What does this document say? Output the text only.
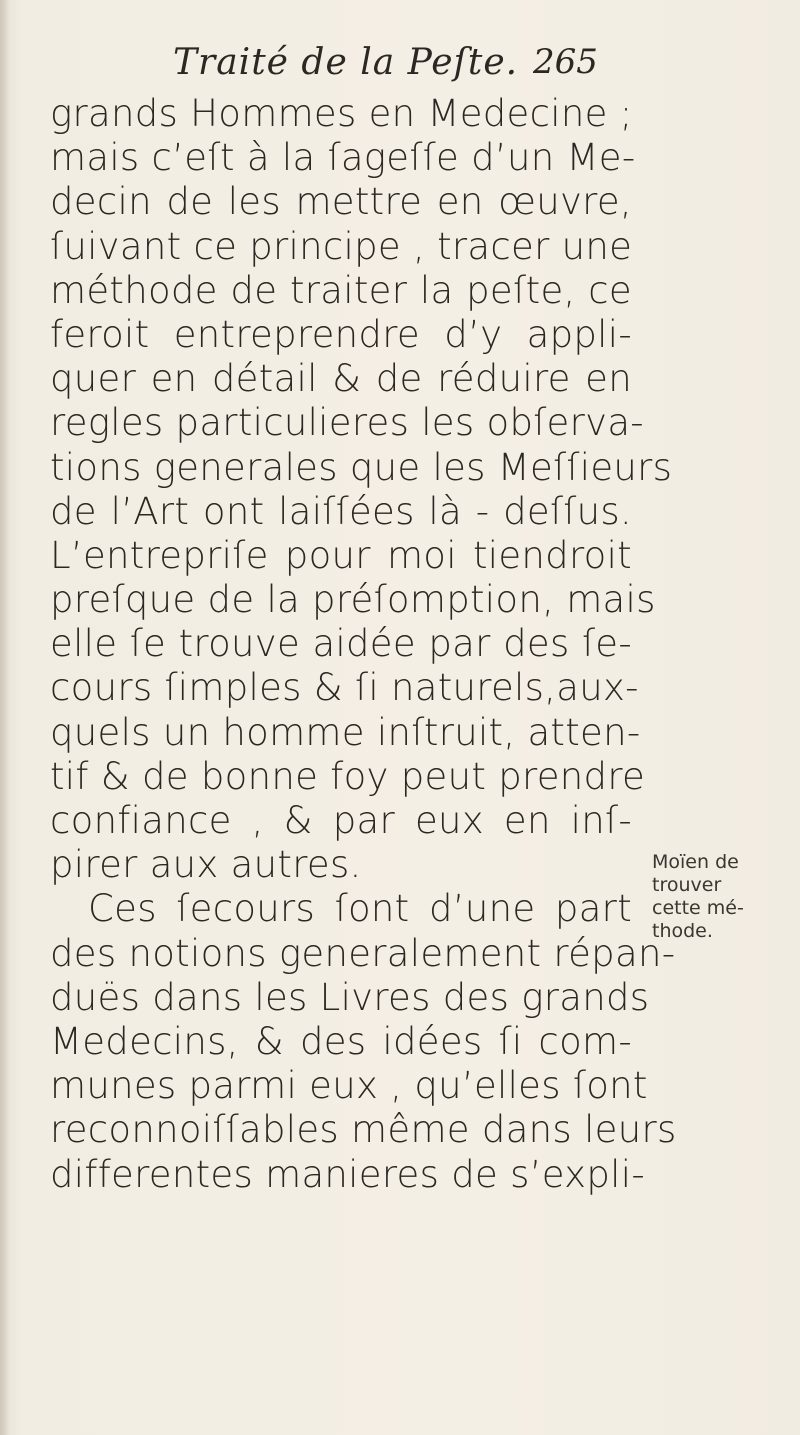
Traité de la Peſte. 265
grands Hommes en Medecine ;
mais c’eſt à la ſageſſe d’un Me-
decin de les mettre en œuvre,
ſuivant ce principe , tracer une
méthode de traiter la peſte, ce
feroit entreprendre d’y appli-
quer en détail & de réduire en
regles particulieres les obſerva-
tions generales que les Meſſieurs
de l’Art ont laiſſées là - deſſus.
L’entrepriſe pour moi tiendroit
preſque de la préſomption, mais
elle ſe trouve aidée par des ſe-
cours ſimples & ſi naturels,aux-
quels un homme inſtruit, atten-
tif & de bonne foy peut prendre
confiance , & par eux en inſ-
pirer aux autres.
Ces ſecours ſont d’une part
des notions generalement répan-
duës dans les Livres des grands
Medecins, & des idées ſi com-
munes parmi eux , qu’elles ſont
reconnoiſſables même dans leurs
differentes manieres de s’expli-
Moïen de
trouver
cette mé-
thode.
